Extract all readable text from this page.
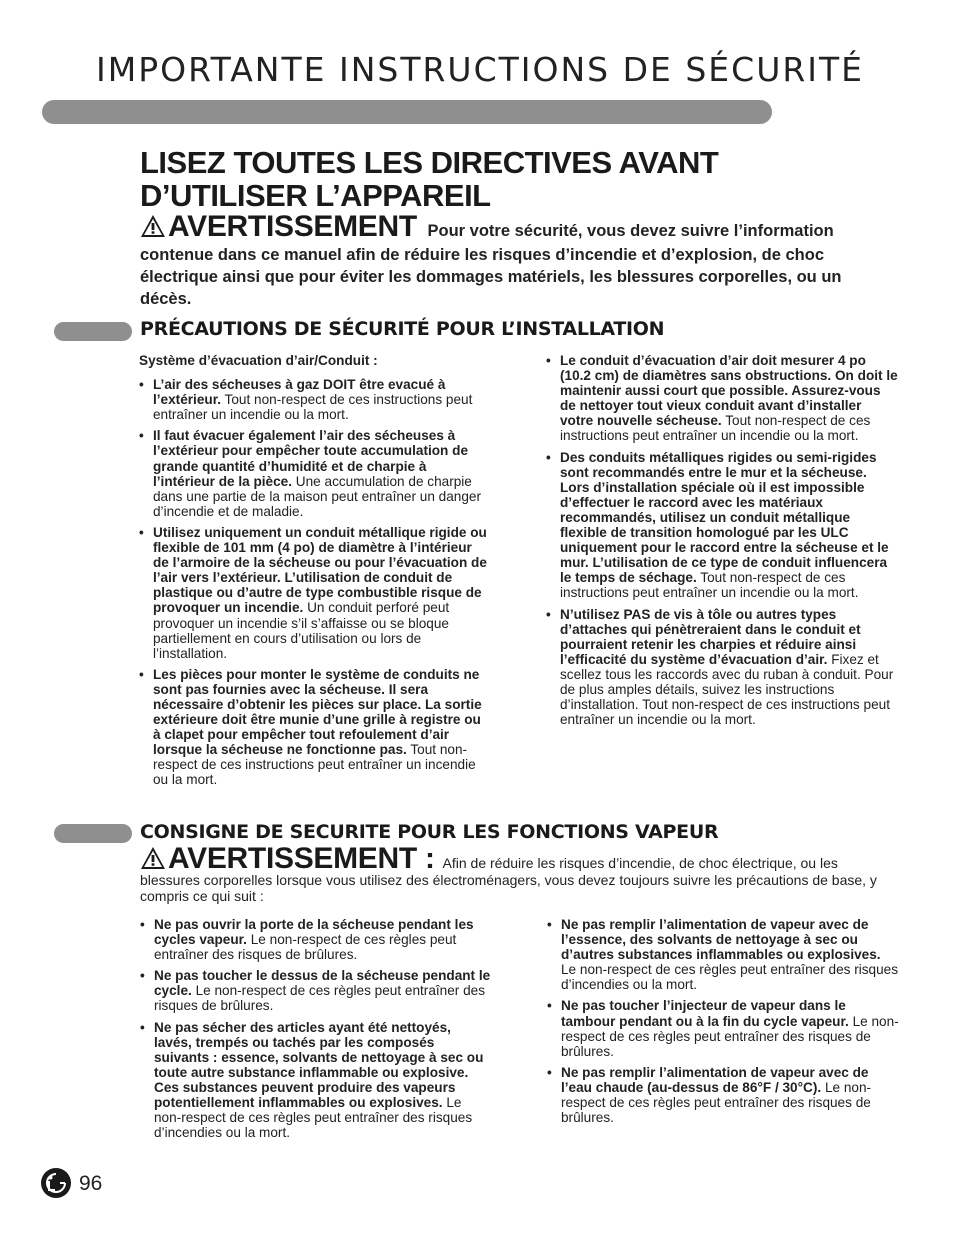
IMPORTANTE INSTRUCTIONS DE SÉCURITÉ
LISEZ TOUTES LES DIRECTIVES AVANT
D’UTILISER L’APPAREIL
AVERTISSEMENT Pour votre sécurité, vous devez suivre l’information contenue dans ce manuel afin de réduire les risques d’incendie et d’explosion, de choc électrique ainsi que pour éviter les dommages matériels, les blessures corporelles, ou un décès.
PRÉCAUTIONS DE SÉCURITÉ POUR L’INSTALLATION
Système d’évacuation d’air/Conduit :
• L’air des sécheuses à gaz DOIT être evacué à l’extérieur. Tout non-respect de ces instructions peut entraîner un incendie ou la mort.
• Il faut évacuer également l’air des sécheuses à l’extérieur pour empêcher toute accumulation de grande quantité d’humidité et de charpie à l’intérieur de la pièce. Une accumulation de charpie dans une partie de la maison peut entraîner un danger d’incendie et de maladie.
• Utilisez uniquement un conduit métallique rigide ou flexible de 101 mm (4 po) de diamètre à l’intérieur de l’armoire de la sécheuse ou pour l’évacuation de l’air vers l’extérieur. L’utilisation de conduit de plastique ou d’autre de type combustible risque de provoquer un incendie. Un conduit perforé peut provoquer un incendie s’il s’affaisse ou se bloque partiellement en cours d’utilisation ou lors de l’installation.
• Les pièces pour monter le système de conduits ne sont pas fournies avec la sécheuse. Il sera nécessaire d’obtenir les pièces sur place. La sortie extérieure doit être munie d’une grille à registre ou à clapet pour empêcher tout refoulement d’air lorsque la sécheuse ne fonctionne pas. Tout non-respect de ces instructions peut entraîner un incendie ou la mort.
• Le conduit d’évacuation d’air doit mesurer 4 po (10.2 cm) de diamètres sans obstructions. On doit le maintenir aussi court que possible. Assurez-vous de nettoyer tout vieux conduit avant d’installer votre nouvelle sécheuse. Tout non-respect de ces instructions peut entraîner un incendie ou la mort.
• Des conduits métalliques rigides ou semi-rigides sont recommandés entre le mur et la sécheuse. Lors d’installation spéciale où il est impossible d’effectuer le raccord avec les matériaux recommandés, utilisez un conduit métallique flexible de transition homologué par les ULC uniquement pour le raccord entre la sécheuse et le mur. L’utilisation de ce type de conduit influencera le temps de séchage. Tout non-respect de ces instructions peut entraîner un incendie ou la mort.
• N’utilisez PAS de vis à tôle ou autres types d’attaches qui pénètreraient dans le conduit et pourraient retenir les charpies et réduire ainsi l’efficacité du système d’évacuation d’air. Fixez et scellez tous les raccords avec du ruban à conduit. Pour de plus amples détails, suivez les instructions d’installation. Tout non-respect de ces instructions peut entraîner un incendie ou la mort.
CONSIGNE DE SECURITE POUR LES FONCTIONS VAPEUR
AVERTISSEMENT : Afin de réduire les risques d’incendie, de choc électrique, ou les blessures corporelles lorsque vous utilisez des électroménagers, vous devez toujours suivre les précautions de base, y compris ce qui suit :
• Ne pas ouvrir la porte de la sécheuse pendant les cycles vapeur. Le non-respect de ces règles peut entraîner des risques de brûlures.
• Ne pas toucher le dessus de la sécheuse pendant le cycle. Le non-respect de ces règles peut entraîner des risques de brûlures.
• Ne pas sécher des articles ayant été nettoyés, lavés, trempés ou tachés par les composés suivants : essence, solvants de nettoyage à sec ou toute autre substance inflammable ou explosive. Ces substances peuvent produire des vapeurs potentiellement inflammables ou explosives. Le non-respect de ces règles peut entraîner des risques d’incendies ou la mort.
• Ne pas remplir l’alimentation de vapeur avec de l’essence, des solvants de nettoyage à sec ou d’autres substances inflammables ou explosives. Le non-respect de ces règles peut entraîner des risques d’incendies ou la mort.
• Ne pas toucher l’injecteur de vapeur dans le tambour pendant ou à la fin du cycle vapeur. Le non-respect de ces règles peut entraîner des risques de brûlures.
• Ne pas remplir l’alimentation de vapeur avec de l’eau chaude (au-dessus de 86°F / 30°C). Le non-respect de ces règles peut entraîner des risques de brûlures.
96
